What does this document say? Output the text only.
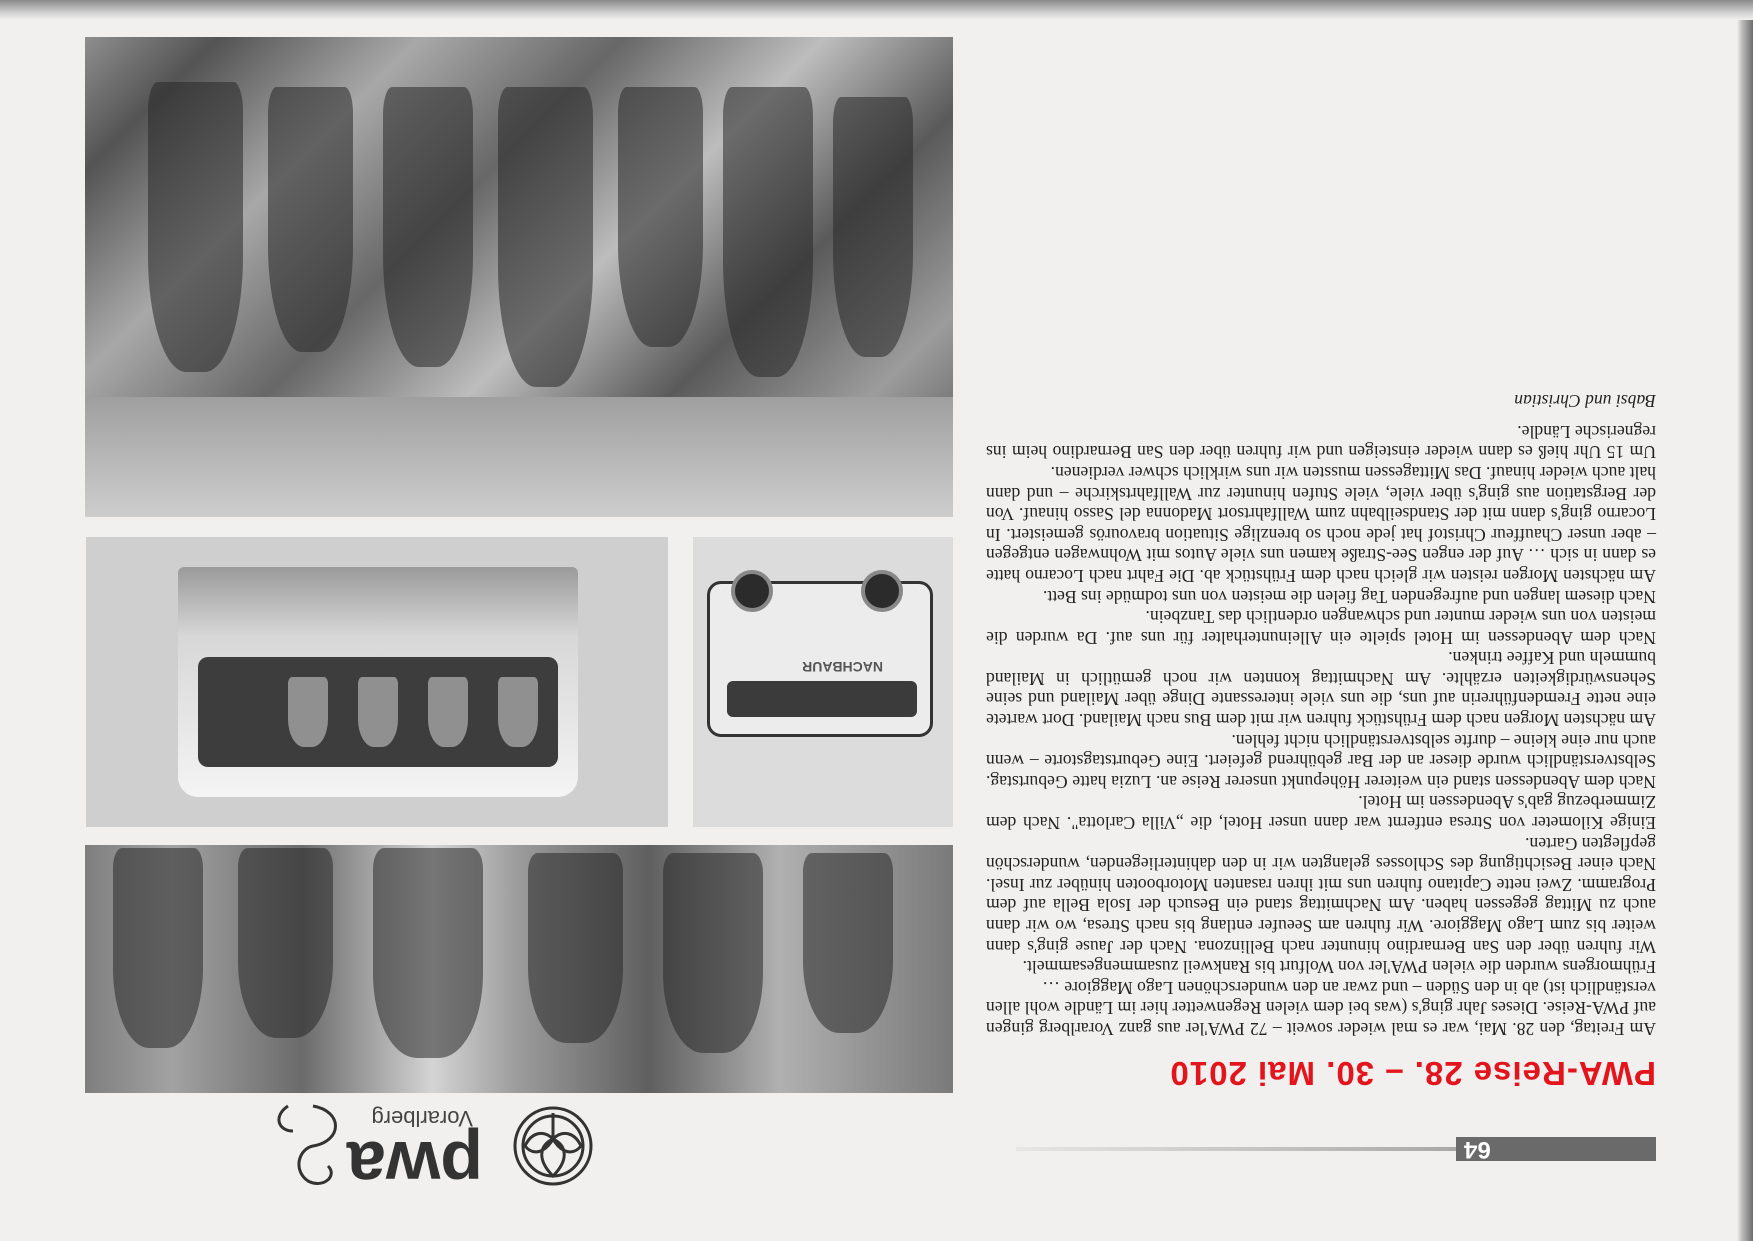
64
pwa
Vorarlberg
PWA-Reise 28. – 30. Mai 2010

Am Freitag, den 28. Mai, war es mal wieder soweit – 72 PWA'ler aus ganz Vorarlberg gingen auf PWA-Reise. Dieses Jahr ging's (was bei dem vielen Regenwetter hier im Ländle wohl allen verständlich ist) ab in den Süden – und zwar an den wunderschönen Lago Maggiore …

Frühmorgens wurden die vielen PWA'ler von Wolfurt bis Rankweil zusammengesammelt.

Wir fuhren über den San Bernardino hinunter nach Bellinzona. Nach der Jause ging's dann weiter bis zum Lago Maggiore. Wir fuhren am Seeufer entlang bis nach Stresa, wo wir dann auch zu Mittag gegessen haben. Am Nachmittag stand ein Besuch der Isola Bella auf dem Programm. Zwei nette Capitano fuhren uns mit ihren rasanten Motorbooten hinüber zur Insel. Nach einer Besichtigung des Schlosses gelangten wir in den dahinterliegenden, wunderschön gepflegten Garten.

Einige Kilometer von Stresa entfernt war dann unser Hotel, die „Villa Carlotta". Nach dem Zimmerbezug gab's Abendessen im Hotel.

Nach dem Abendessen stand ein weiterer Höhepunkt unserer Reise an. Luzia hatte Geburtstag. Selbstverständlich wurde dieser an der Bar gebührend gefeiert. Eine Geburtstagstorte – wenn auch nur eine kleine – durfte selbstverständlich nicht fehlen.

Am nächsten Morgen nach dem Frühstück fuhren wir mit dem Bus nach Mailand. Dort wartete eine nette Fremdenführerin auf uns, die uns viele interessante Dinge über Mailand und seine Sehenswürdigkeiten erzählte. Am Nachmittag konnten wir noch gemütlich in Mailand bummeln und Kaffee trinken.

Nach dem Abendessen im Hotel spielte ein Alleinunterhalter für uns auf. Da wurden die meisten von uns wieder munter und schwangen ordentlich das Tanzbein.

Nach diesem langen und aufregenden Tag fielen die meisten von uns todmüde ins Bett.

Am nächsten Morgen reisten wir gleich nach dem Frühstück ab. Die Fahrt nach Locarno hatte es dann in sich … Auf der engen See-Straße kamen uns viele Autos mit Wohnwagen entgegen – aber unser Chauffeur Christof hat jede noch so brenzlige Situation bravourös gemeistert. In Locarno ging's dann mit der Standseilbahn zum Wallfahrtsort Madonna del Sasso hinauf. Von der Bergstation aus ging's über viele, viele Stufen hinunter zur Wallfahrtskirche – und dann halt auch wieder hinauf. Das Mittagessen mussten wir uns wirklich schwer verdienen.

Um 15 Uhr hieß es dann wieder einsteigen und wir fuhren über den San Bernardino heim ins regnerische Ländle.

Babsi und Christian

NACHBAUR
